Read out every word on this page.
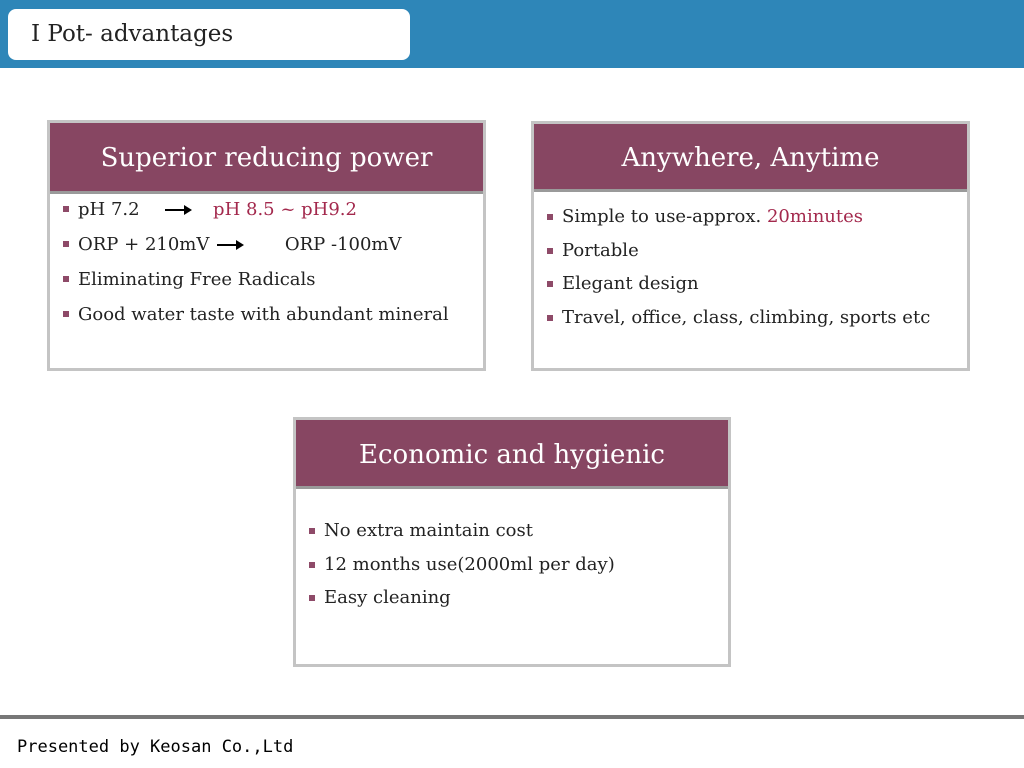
I Pot- advantages
Superior reducing power
pH 7.2	pH 8.5 ~ pH9.2
ORP + 210mV	ORP -100mV
Eliminating Free Radicals
Good water taste with abundant mineral
Anywhere, Anytime
Simple to use-approx. 20minutes
Portable
Elegant design
Travel, office, class, climbing, sports etc
Economic and hygienic
No extra maintain cost
12 months use(2000ml per day)
Easy cleaning
Presented by Keosan Co.,Ltd
